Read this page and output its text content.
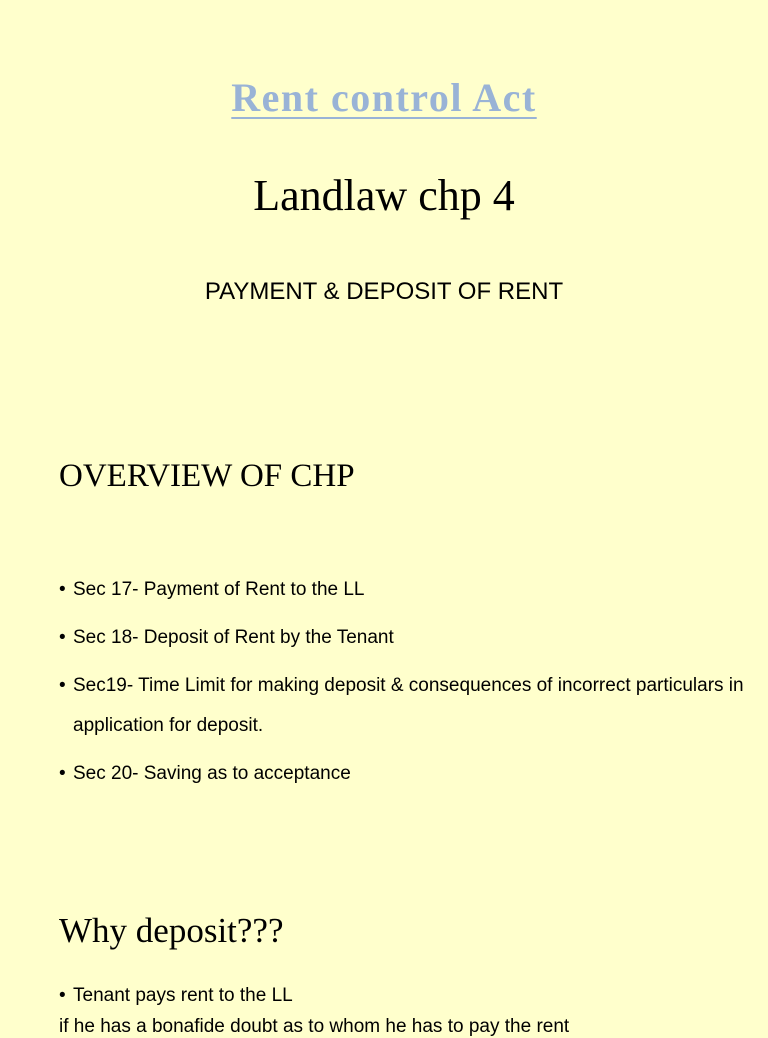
Rent control Act
Landlaw chp 4
PAYMENT & DEPOSIT OF RENT
OVERVIEW OF CHP
• Sec 17- Payment of Rent to the LL
• Sec 18- Deposit of Rent by the Tenant
• Sec19- Time Limit for making deposit & consequences of incorrect particulars in application for deposit.
• Sec 20- Saving as to acceptance
Why deposit???
• Tenant pays rent to the LL
if he has a bonafide doubt as to whom he has to pay the rent
